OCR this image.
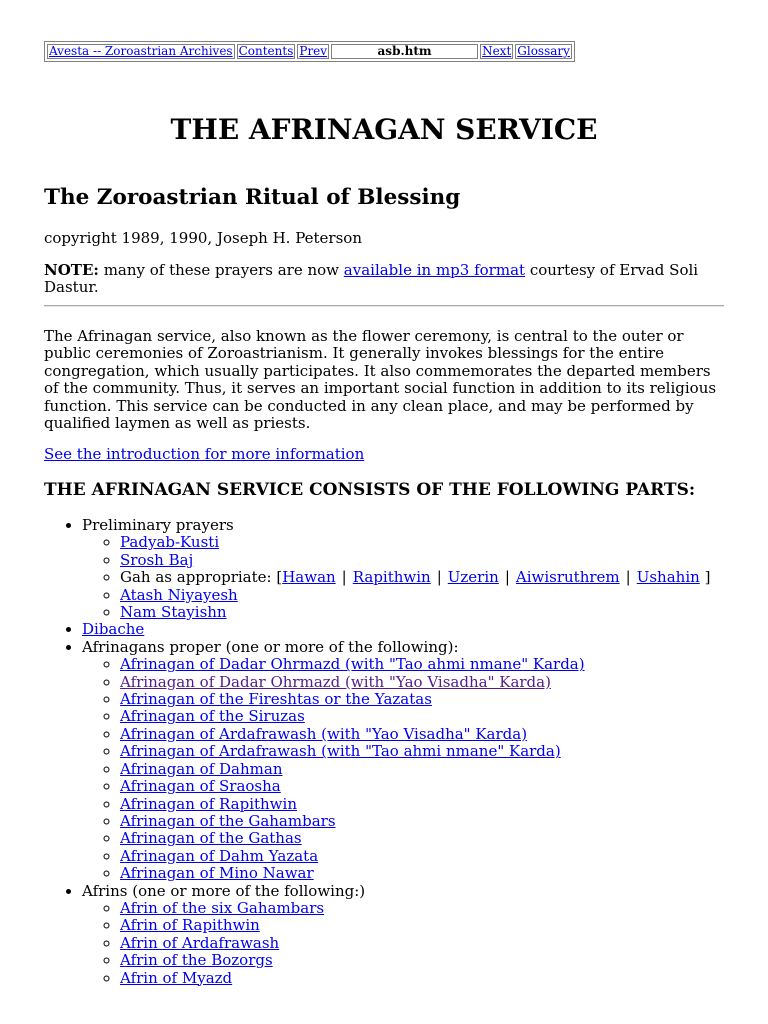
Avesta -- Zoroastrian Archives	Contents	Prev	asb.htm	Next	Glossary
THE AFRINAGAN SERVICE
The Zoroastrian Ritual of Blessing

copyright 1989, 1990, Joseph H. Peterson

NOTE: many of these prayers are now available in mp3 format courtesy of Ervad Soli Dastur.

The Afrinagan service, also known as the flower ceremony, is central to the outer or public ceremonies of Zoroastrianism. It generally invokes blessings for the entire congregation, which usually participates. It also commemorates the departed members of the community. Thus, it serves an important social function in addition to its religious function. This service can be conducted in any clean place, and may be performed by qualified laymen as well as priests.

See the introduction for more information

THE AFRINAGAN SERVICE CONSISTS OF THE FOLLOWING PARTS:
• Preliminary prayers
◦ Padyab-Kusti
◦ Srosh Baj
◦ Gah as appropriate: [Hawan | Rapithwin | Uzerin | Aiwisruthrem | Ushahin ]
◦ Atash Niyayesh
◦ Nam Stayishn
• Dibache
• Afrinagans proper (one or more of the following):
◦ Afrinagan of Dadar Ohrmazd (with "Tao ahmi nmane" Karda)
◦ Afrinagan of Dadar Ohrmazd (with "Yao Visadha" Karda)
◦ Afrinagan of the Fireshtas or the Yazatas
◦ Afrinagan of the Siruzas
◦ Afrinagan of Ardafrawash (with "Yao Visadha" Karda)
◦ Afrinagan of Ardafrawash (with "Tao ahmi nmane" Karda)
◦ Afrinagan of Dahman
◦ Afrinagan of Sraosha
◦ Afrinagan of Rapithwin
◦ Afrinagan of the Gahambars
◦ Afrinagan of the Gathas
◦ Afrinagan of Dahm Yazata
◦ Afrinagan of Mino Nawar
• Afrins (one or more of the following:)
◦ Afrin of the six Gahambars
◦ Afrin of Rapithwin
◦ Afrin of Ardafrawash
◦ Afrin of the Bozorgs
◦ Afrin of Myazd
